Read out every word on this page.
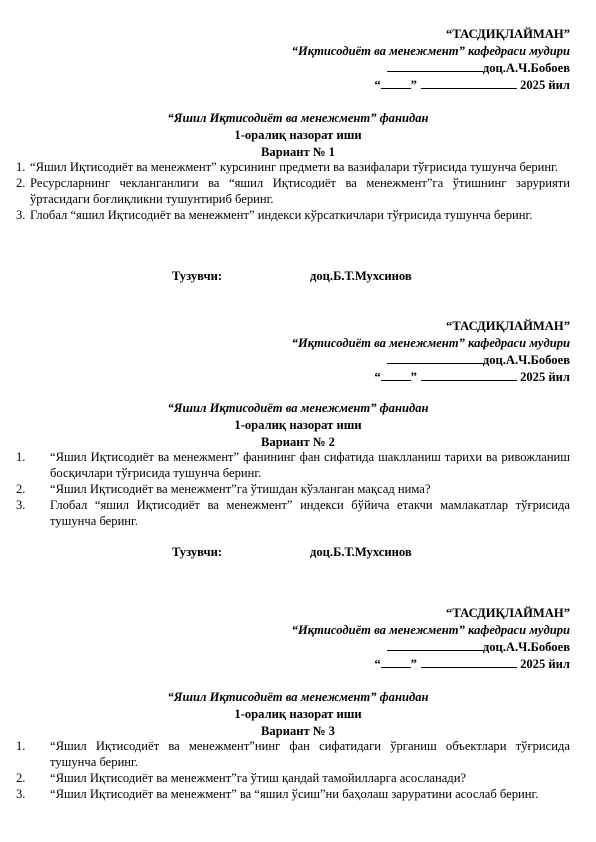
“ТАСДИҚЛАЙМАН”
“Иқтисодиёт ва менежмент” кафедраси мудири
доц.А.Ч.Бобоев
“ ”	2025 йил
“Яшил Иқтисодиёт ва менежмент” фанидан
1-оралиқ назорат иши
Вариант № 1
1. “Яшил Иқтисодиёт ва менежмент” курсининг предмети ва вазифалари тўғрисида тушунча беринг.
2. Ресурсларнинг чекланганлиги ва “яшил Иқтисодиёт ва менежмент”га ўтишнинг зарурияти ўртасидаги боғлиқликни тушунтириб беринг.
3. Глобал “яшил Иқтисодиёт ва менежмент” индекси кўрсаткичлари тўғрисида тушунча беринг.
Тузувчи:	доц.Б.Т.Мухсинов
“ТАСДИҚЛАЙМАН”
“Иқтисодиёт ва менежмент” кафедраси мудири
доц.А.Ч.Бобоев
“ ”	2025 йил
“Яшил Иқтисодиёт ва менежмент” фанидан
1-оралиқ назорат иши
Вариант № 2
1. “Яшил Иқтисодиёт ва менежмент” фанининг фан сифатида шаклланиш тарихи ва ривожланиш босқичлари тўғрисида тушунча беринг.
2. “Яшил Иқтисодиёт ва менежмент”га ўтишдан кўзланган мақсад нима?
3. Глобал “яшил Иқтисодиёт ва менежмент” индекси бўйича етакчи мамлакатлар тўғрисида тушунча беринг.
Тузувчи:	доц.Б.Т.Мухсинов
“ТАСДИҚЛАЙМАН”
“Иқтисодиёт ва менежмент” кафедраси мудири
доц.А.Ч.Бобоев
“ ”	2025 йил
“Яшил Иқтисодиёт ва менежмент” фанидан
1-оралиқ назорат иши
Вариант № 3
1. “Яшил Иқтисодиёт ва менежмент”нинг фан сифатидаги ўрганиш объектлари тўғрисида тушунча беринг.
2. “Яшил Иқтисодиёт ва менежмент”га ўтиш қандай тамойилларга асосланади?
3. “Яшил Иқтисодиёт ва менежмент” ва “яшил ўсиш”ни баҳолаш зарурaтини асослаб беринг.
